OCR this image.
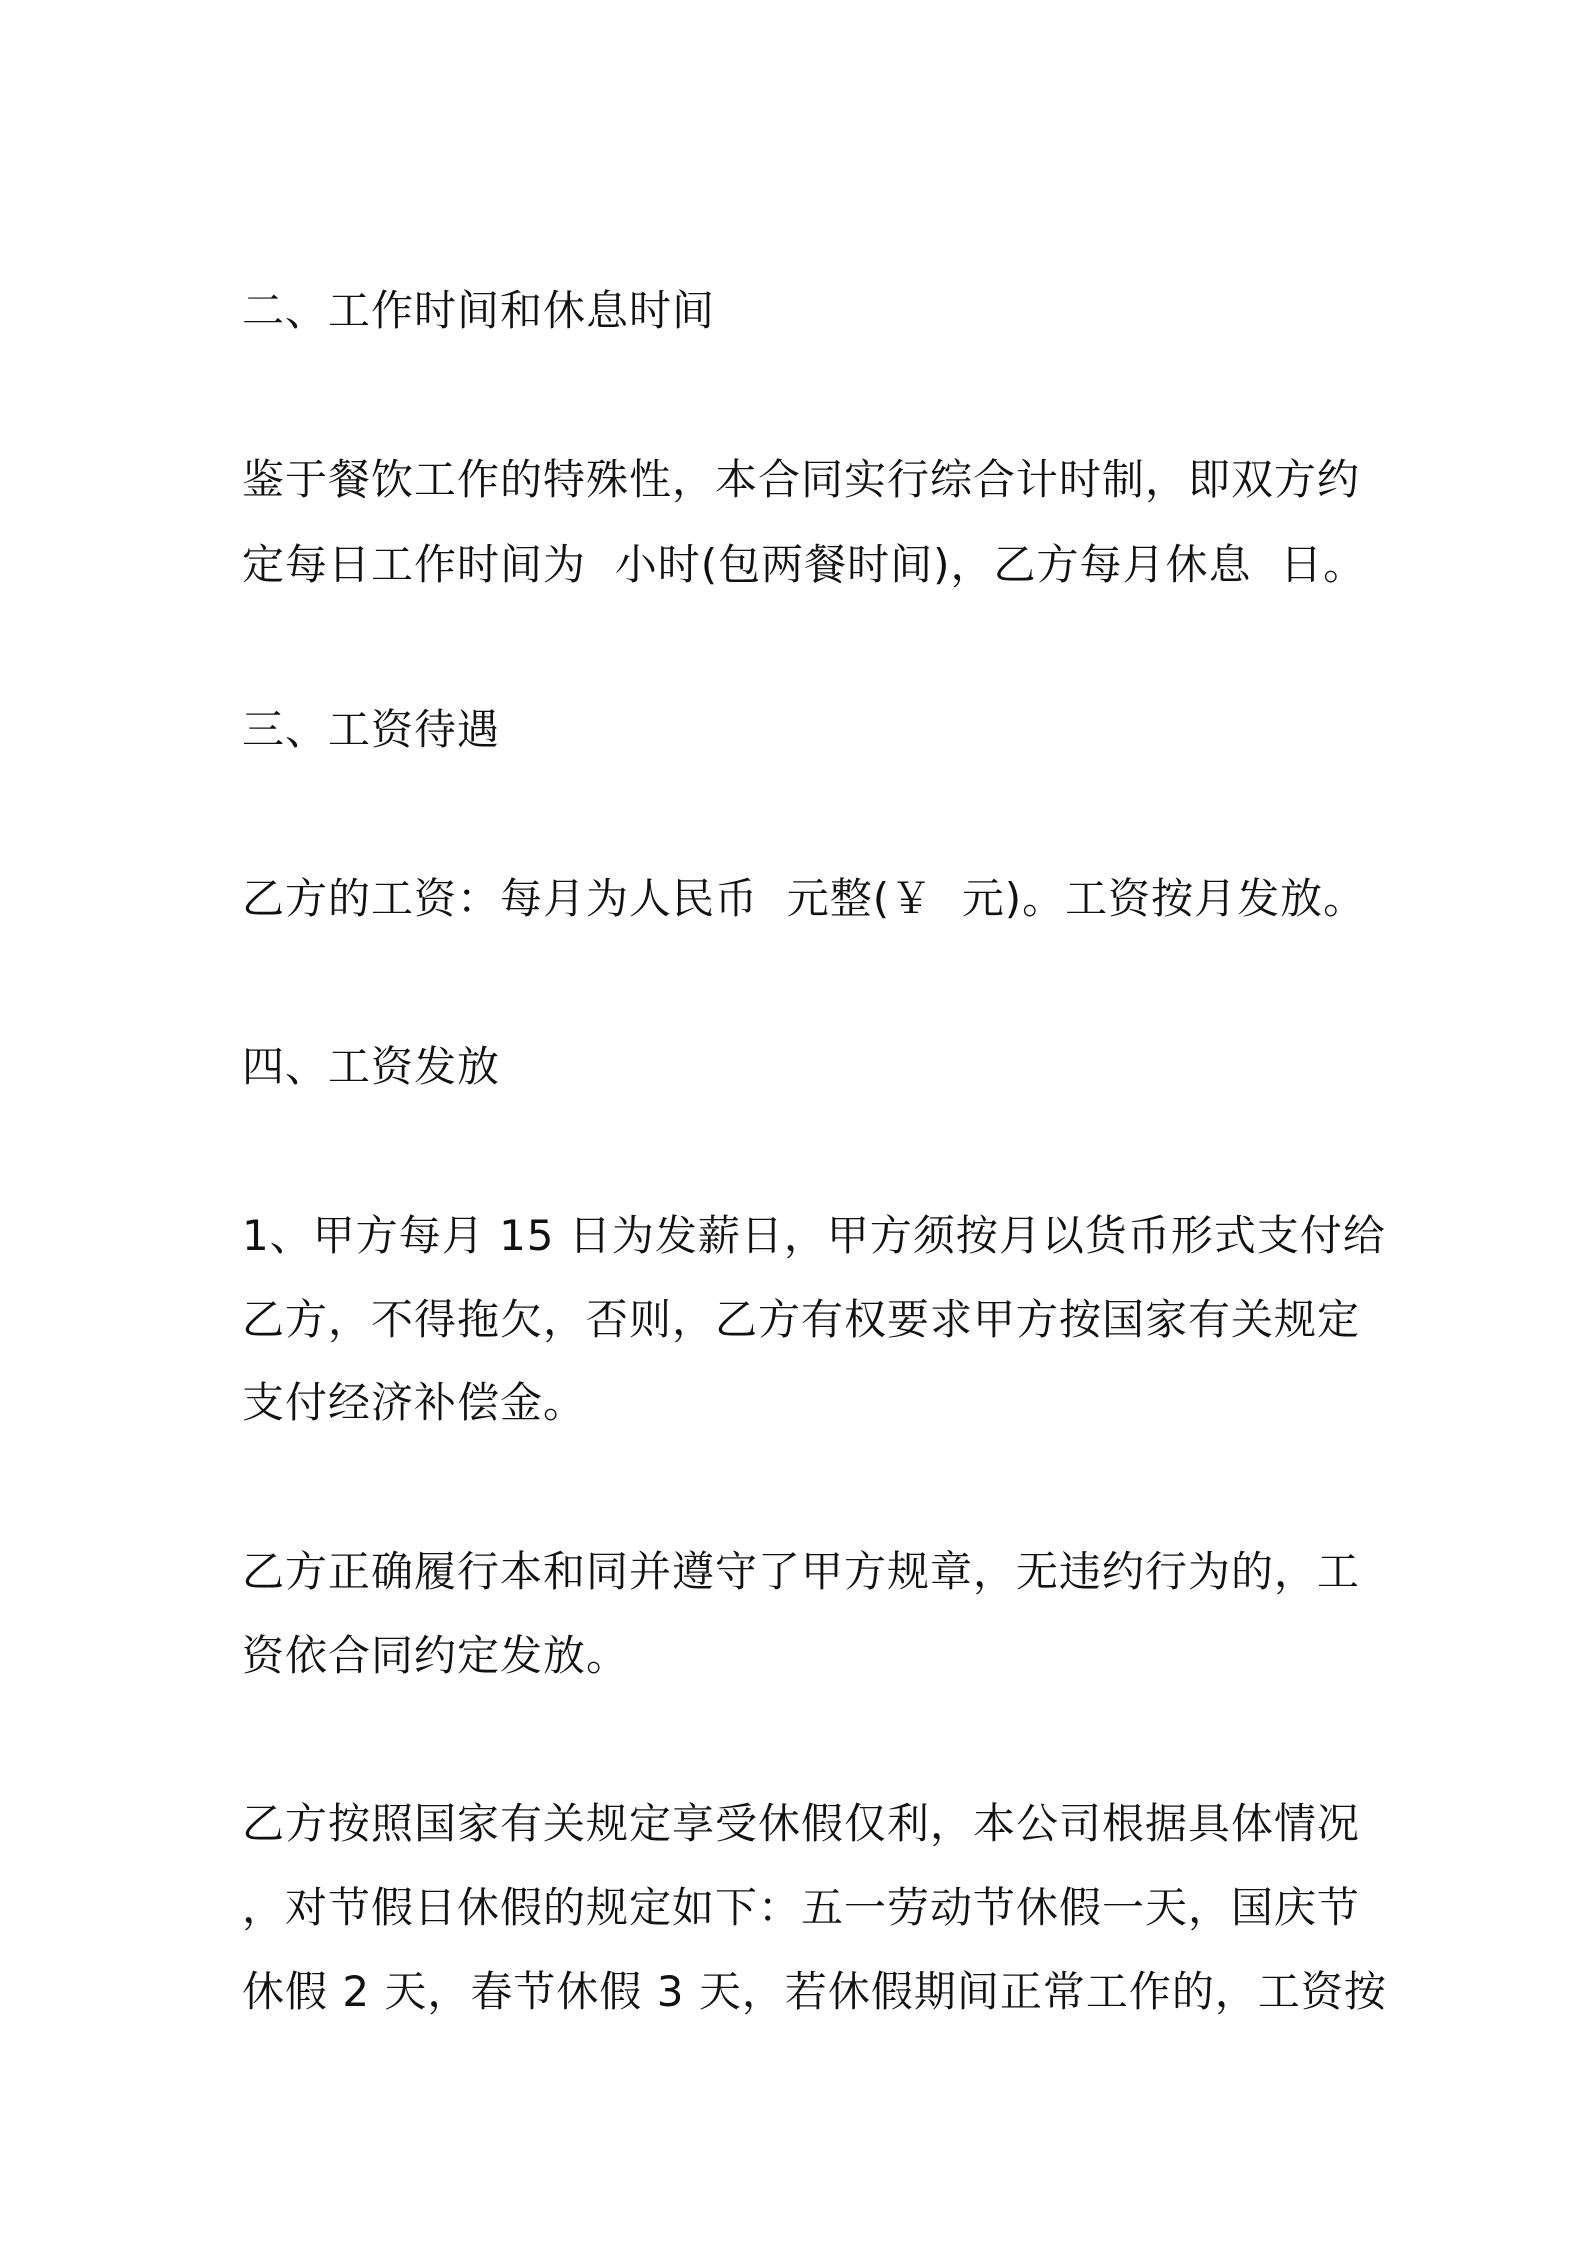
二、工作时间和休息时间

鉴于餐饮工作的特殊性，本合同实行综合计时制，即双方约

定每日工作时间为  小时(包两餐时间)，乙方每月休息  日。

三、工资待遇

乙方的工资：每月为人民币  元整(￥  元)。工资按月发放。

四、工资发放

1、甲方每月 15 日为发薪日，甲方须按月以货币形式支付给

乙方，不得拖欠，否则，乙方有权要求甲方按国家有关规定

支付经济补偿金。

乙方正确履行本和同并遵守了甲方规章，无违约行为的，工

资依合同约定发放。

乙方按照国家有关规定享受休假仅利，本公司根据具体情况

，对节假日休假的规定如下：五一劳动节休假一天，国庆节

休假 2 天，春节休假 3 天，若休假期间正常工作的，工资按
